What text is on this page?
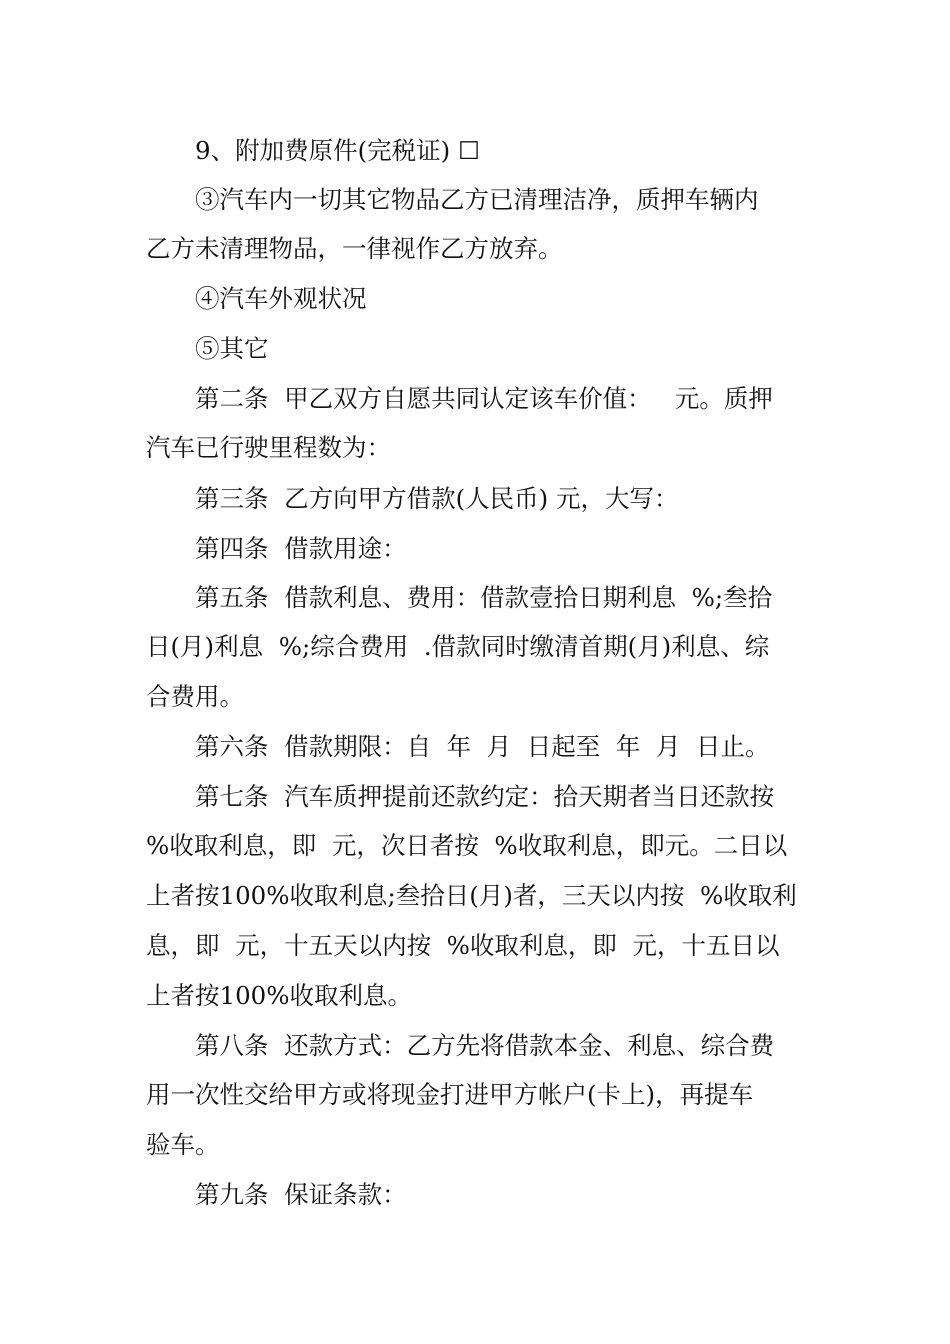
9、附加费原件(完税证) ☐
③汽车内一切其它物品乙方已清理洁净，质押车辆内
乙方未清理物品，一律视作乙方放弃。
④汽车外观状况
⑤其它
第二条  甲乙双方自愿共同认定该车价值：   元。质押
汽车已行驶里程数为：
第三条  乙方向甲方借款(人民币) 元，大写：
第四条  借款用途：
第五条  借款利息、费用：借款壹拾日期利息  %;叁拾
日(月)利息  %;综合费用  .借款同时缴清首期(月)利息、综
合费用。
第六条  借款期限：自  年  月  日起至  年  月  日止。
第七条  汽车质押提前还款约定：拾天期者当日还款按
%收取利息，即  元，次日者按  %收取利息，即元。二日以
上者按100%收取利息;叁拾日(月)者，三天以内按  %收取利
息，即  元，十五天以内按  %收取利息，即  元，十五日以
上者按100%收取利息。
第八条  还款方式：乙方先将借款本金、利息、综合费
用一次性交给甲方或将现金打进甲方帐户(卡上)，再提车
验车。
第九条  保证条款：
